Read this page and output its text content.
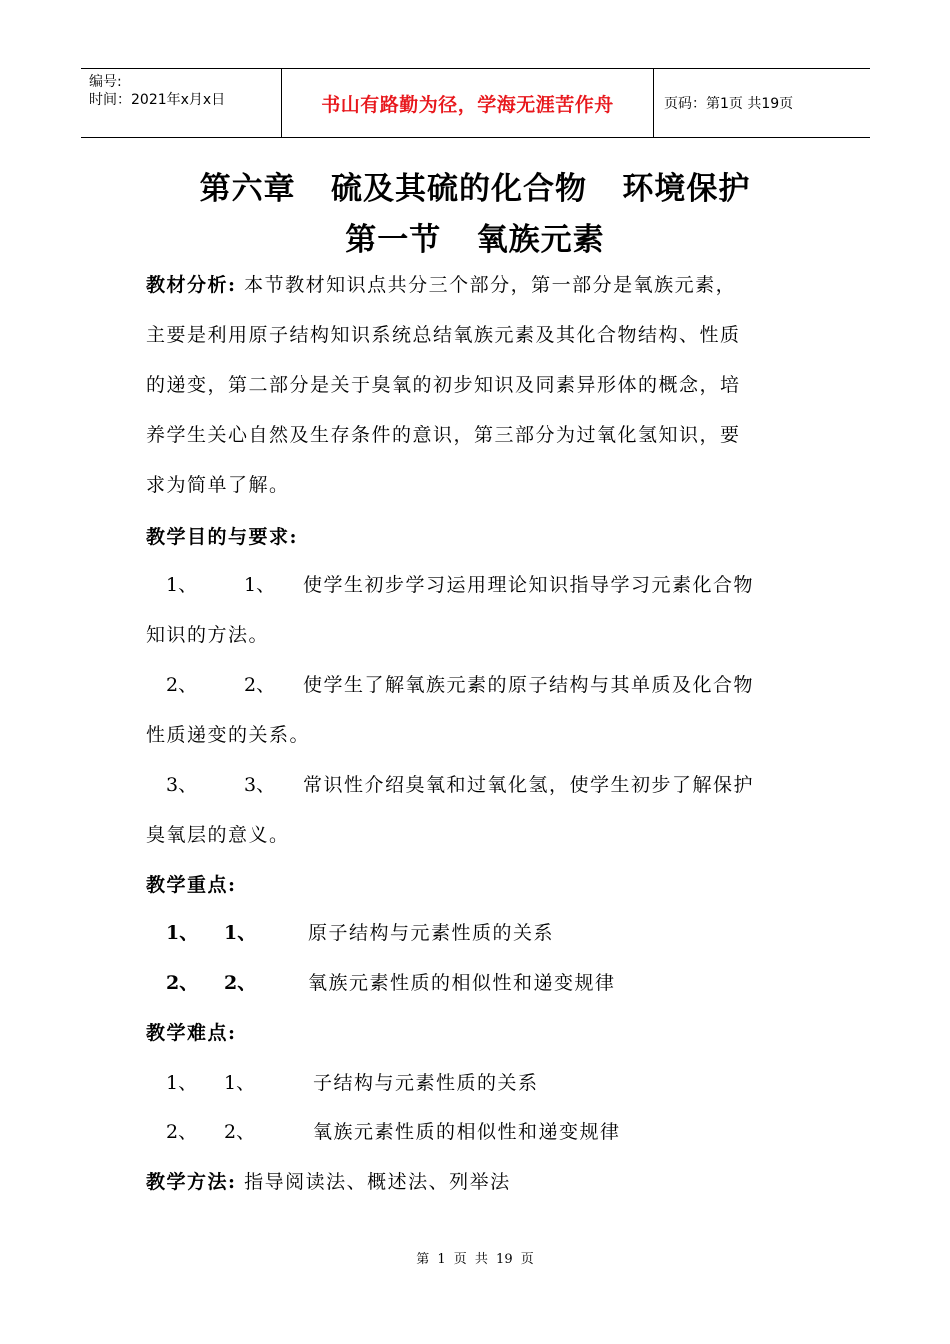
编号:
时间：2021年x月x日	书山有路勤为径，学海无涯苦作舟	页码：第1页 共19页
第六章   硫及其硫的化合物   环境保护
第一节   氧族元素
教材分析: 本节教材知识点共分三个部分，第一部分是氧族元素，
主要是利用原子结构知识系统总结氧族元素及其化合物结构、性质
的递变，第二部分是关于臭氧的初步知识及同素异形体的概念，培
养学生关心自然及生存条件的意识，第三部分为过氧化氢知识，要
求为简单了解。
教学目的与要求:
1、 1、 使学生初步学习运用理论知识指导学习元素化合物
知识的方法。
2、 2、 使学生了解氧族元素的原子结构与其单质及化合物
性质递变的关系。
3、 3、 常识性介绍臭氧和过氧化氢，使学生初步了解保护
臭氧层的意义。
教学重点:
1、 1、	原子结构与元素性质的关系
2、 2、	氧族元素性质的相似性和递变规律
教学难点:
1、 1、	子结构与元素性质的关系
2、 2、	氧族元素性质的相似性和递变规律
教学方法: 指导阅读法、概述法、列举法
第 1 页 共 19 页
